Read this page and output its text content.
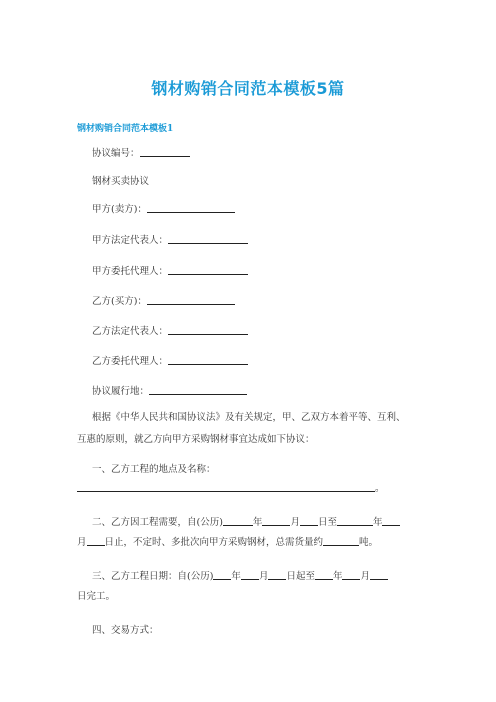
钢材购销合同范本模板5篇
钢材购销合同范本模板1
协议编号：
钢材买卖协议
甲方(卖方)：
甲方法定代表人：
甲方委托代理人：
乙方(买方)：
乙方法定代表人：
乙方委托代理人：
协议履行地：
根据《中华人民共和国协议法》及有关规定，甲、乙双方本着平等、互利、
互惠的原则，就乙方向甲方采购钢材事宜达成如下协议：
一、乙方工程的地点及名称：
。
二、乙方因工程需要，自(公历)	年	月 日至	年
月 日止，不定时、多批次向甲方采购钢材，总需货量约	吨。
三、乙方工程日期：自(公历) 年 月 日起至 年 月
日完工。
四、交易方式：
